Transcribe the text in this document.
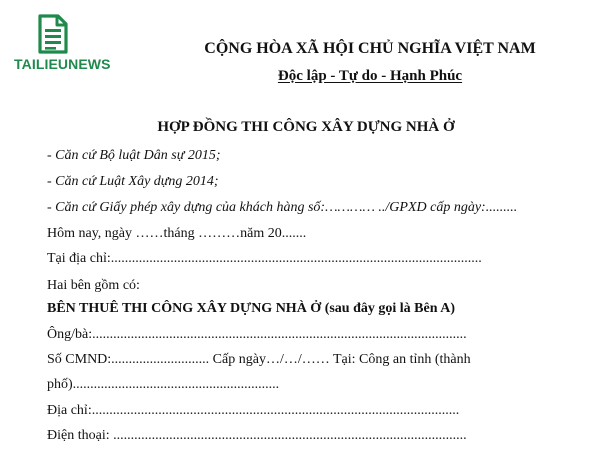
TAILIEUNEWS
CỘNG HÒA XÃ HỘI CHỦ NGHĨA VIỆT NAM
Độc lập - Tự do - Hạnh Phúc
HỢP ĐỒNG THI CÔNG XÂY DỰNG NHÀ Ở
- Căn cứ Bộ luật Dân sự 2015;
- Căn cứ Luật Xây dựng 2014;
- Căn cứ Giấy phép xây dựng của khách hàng số:………… ../GPXD cấp ngày:.........
Hôm nay, ngày ……tháng ………năm 20.......
Tại địa chỉ:..........................................................................................................
Hai bên gồm có:
BÊN THUÊ THI CÔNG XÂY DỰNG NHÀ Ở (sau đây gọi là Bên A)
Ông/bà:...........................................................................................................
Số CMND:............................ Cấp ngày…/…/…… Tại: Công an tỉnh (thành
phố)...........................................................
Địa chỉ:.........................................................................................................
Điện thoại: .....................................................................................................
